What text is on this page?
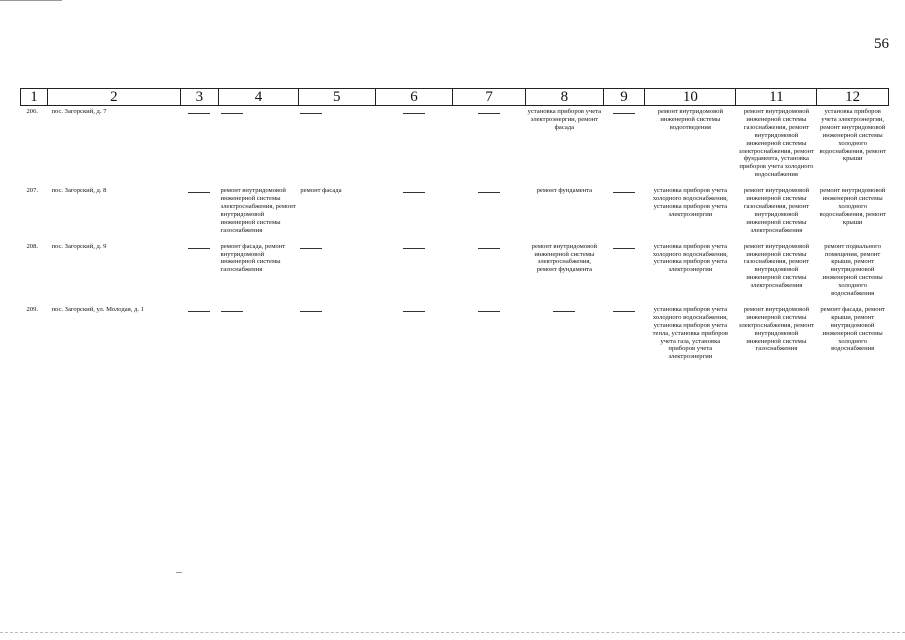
56
1	2	3	4	5	6	7	8	9	10	11	12
206.	пос. Загорский, д. 7						установка приборов учета электроэнергии, ремонт фасада		ремонт внутридомовой инженерной системы водоотведения	ремонт внутридомовой инженерной системы газоснабжения, ремонт внутридомовой инженерной системы электроснабжения, ремонт фундамента, установка приборов учета холодного водоснабжения	установка приборов учета электроэнергии, ремонт внутридомовой инженерной системы холодного водоснабжения, ремонт крыши
207.	пос. Загорский, д. 8		ремонт внутридомовой инженерной системы электроснабжения, ремонт внутридомовой инженерной системы газоснабжения	ремонт фасада			ремонт фундамента		установка приборов учета холодного водоснабжения, установка приборов учета электроэнергии	ремонт внутридомовой инженерной системы газоснабжения, ремонт внутридомовой инженерной системы электроснабжения	ремонт внутридомовой инженерной системы холодного водоснабжения, ремонт крыши
208.	пос. Загорский, д. 9		ремонт фасада, ремонт внутридомовой инженерной системы газоснабжения				ремонт внутридомовой инженерной системы электроснабжения, ремонт фундамента		установка приборов учета холодного водоснабжения, установка приборов учета электроэнергии	ремонт внутридомовой инженерной системы газоснабжения, ремонт внутридомовой инженерной системы электроснабжения	ремонт подвального помещения, ремонт крыши, ремонт внутридомовой инженерной системы холодного водоснабжения
209.	пос. Загорский, ул. Молодая, д. 1								установка приборов учета холодного водоснабжения, установка приборов учета тепла, установка приборов учета газа, установка приборов учета электроэнергии	ремонт внутридомовой инженерной системы электроснабжения, ремонт внутридомовой инженерной системы газоснабжения	ремонт фасада, ремонт крыши, ремонт внутридомовой инженерной системы холодного водоснабжения
